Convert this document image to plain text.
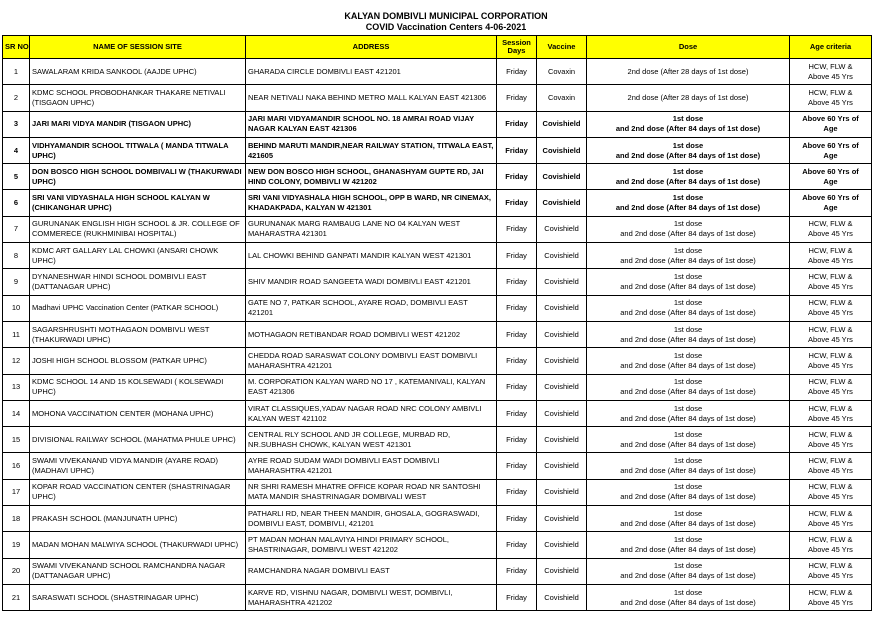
KALYAN DOMBIVLI MUNICIPAL CORPORATION
COVID Vaccination Centers 4-06-2021
SR NO	NAME OF SESSION SITE	ADDRESS	Session Days	Vaccine	Dose	Age criteria
1	SAWALARAM KRIDA SANKOOL (AAJDE UPHC)	GHARADA CIRCLE DOMBIVLI EAST 421201	Friday	Covaxin	2nd dose (After 28 days of 1st dose)	HCW, FLW &
Above 45 Yrs

2	KDMC SCHOOL PROBODHANKAR THAKARE NETIVALI (TISGAON UPHC)	NEAR NETIVALI NAKA BEHIND METRO MALL KALYAN EAST 421306	Friday	Covaxin	2nd dose (After 28 days of 1st dose)	HCW, FLW &
Above 45 Yrs

3	JARI MARI VIDYA MANDIR (TISGAON UPHC)	JARI MARI VIDYAMANDIR SCHOOL NO. 18 AMRAI ROAD VIJAY NAGAR KALYAN EAST 421306	Friday	Covishield	1st dose
and 2nd dose (After 84 days of 1st dose)	Above 60 Yrs of
Age

4	VIDHYAMANDIR SCHOOL TITWALA ( MANDA TITWALA UPHC)	BEHIND MARUTI MANDIR,NEAR RAILWAY STATION, TITWALA EAST, 421605	Friday	Covishield	1st dose
and 2nd dose (After 84 days of 1st dose)	Above 60 Yrs of
Age

5	DON BOSCO HIGH SCHOOL DOMBIVALI W (THAKURWADI UPHC)	NEW DON BOSCO HIGH SCHOOL, GHANASHYAM GUPTE RD, JAI HIND COLONY, DOMBIVLI W 421202	Friday	Covishield	1st dose
and 2nd dose (After 84 days of 1st dose)	Above 60 Yrs of
Age

6	SRI VANI VIDYASHALA HIGH SCHOOL KALYAN W (CHIKANGHAR UPHC)	SRI VANI VIDYASHALA HIGH SCHOOL, OPP B WARD, NR CINEMAX, KHADAKPADA, KALYAN W 421301	Friday	Covishield	1st dose
and 2nd dose (After 84 days of 1st dose)	Above 60 Yrs of
Age

7	GURUNANAK ENGLISH HIGH SCHOOL & JR. COLLEGE OF COMMERECE (RUKHMINIBAI HOSPITAL)	GURUNANAK MARG RAMBAUG LANE NO 04 KALYAN WEST MAHARASTRA 421301	Friday	Covishield	1st dose
and 2nd dose (After 84 days of 1st dose)	HCW, FLW &
Above 45 Yrs

8	KDMC ART GALLARY LAL CHOWKI (ANSARI CHOWK UPHC)	LAL CHOWKI BEHIND GANPATI MANDIR KALYAN WEST 421301	Friday	Covishield	1st dose
and 2nd dose (After 84 days of 1st dose)	HCW, FLW &
Above 45 Yrs

9	DYNANESHWAR HINDI SCHOOL DOMBIVLI EAST (DATTANAGAR UPHC)	SHIV MANDIR ROAD SANGEETA WADI DOMBIVLI EAST 421201	Friday	Covishield	1st dose
and 2nd dose (After 84 days of 1st dose)	HCW, FLW &
Above 45 Yrs

10	Madhavi UPHC Vaccination Center (PATKAR SCHOOL)	GATE NO 7, PATKAR SCHOOL, AYARE ROAD, DOMBIVLI EAST 421201	Friday	Covishield	1st dose
and 2nd dose (After 84 days of 1st dose)	HCW, FLW &
Above 45 Yrs

11	SAGARSHRUSHTI MOTHAGAON DOMBIVLI WEST (THAKURWADI UPHC)	MOTHAGAON RETIBANDAR ROAD DOMBIVLI WEST 421202	Friday	Covishield	1st dose
and 2nd dose (After 84 days of 1st dose)	HCW, FLW &
Above 45 Yrs

12	JOSHI HIGH SCHOOL BLOSSOM (PATKAR UPHC)	CHEDDA ROAD SARASWAT COLONY DOMBIVLI EAST DOMBIVLI MAHARASHTRA 421201	Friday	Covishield	1st dose
and 2nd dose (After 84 days of 1st dose)	HCW, FLW &
Above 45 Yrs

13	KDMC SCHOOL 14 AND 15 KOLSEWADI ( KOLSEWADI UPHC)	M. CORPORATION KALYAN WARD NO 17 , KATEMANIVALI, KALYAN EAST 421306	Friday	Covishield	1st dose
and 2nd dose (After 84 days of 1st dose)	HCW, FLW &
Above 45 Yrs

14	MOHONA VACCINATION CENTER (MOHANA UPHC)	VIRAT CLASSIQUES,YADAV NAGAR ROAD NRC COLONY AMBIVLI KALYAN WEST 421102	Friday	Covishield	1st dose
and 2nd dose (After 84 days of 1st dose)	HCW, FLW &
Above 45 Yrs

15	DIVISIONAL RAILWAY SCHOOL (MAHATMA PHULE UPHC)	CENTRAL RLY SCHOOL AND JR COLLEGE, MURBAD RD, NR.SUBHASH CHOWK, KALYAN WEST 421301	Friday	Covishield	1st dose
and 2nd dose (After 84 days of 1st dose)	HCW, FLW &
Above 45 Yrs

16	SWAMI VIVEKANAND VIDYA MANDIR (AYARE ROAD) (MADHAVI UPHC)	AYRE ROAD SUDAM WADI DOMBIVLI EAST DOMBIVLI MAHARASHTRA 421201	Friday	Covishield	1st dose
and 2nd dose (After 84 days of 1st dose)	HCW, FLW &
Above 45 Yrs

17	KOPAR ROAD VACCINATION CENTER (SHASTRINAGAR UPHC)	NR SHRI RAMESH MHATRE OFFICE KOPAR ROAD NR SANTOSHI MATA MANDIR SHASTRINAGAR DOMBIVALI WEST	Friday	Covishield	1st dose
and 2nd dose (After 84 days of 1st dose)	HCW, FLW &
Above 45 Yrs

18	PRAKASH SCHOOL (MANJUNATH UPHC)	PATHARLI RD, NEAR THEEN MANDIR, GHOSALA, GOGRASWADI, DOMBIVLI EAST, DOMBIVLI, 421201	Friday	Covishield	1st dose
and 2nd dose (After 84 days of 1st dose)	HCW, FLW &
Above 45 Yrs

19	MADAN MOHAN MALWIYA SCHOOL (THAKURWADI UPHC)	PT MADAN MOHAN MALAVIYA HINDI PRIMARY SCHOOL, SHASTRINAGAR, DOMBIVLI WEST 421202	Friday	Covishield	1st dose
and 2nd dose (After 84 days of 1st dose)	HCW, FLW &
Above 45 Yrs

20	SWAMI VIVEKANAND SCHOOL RAMCHANDRA NAGAR (DATTANAGAR UPHC)	RAMCHANDRA NAGAR DOMBIVLI EAST	Friday	Covishield	1st dose
and 2nd dose (After 84 days of 1st dose)	HCW, FLW &
Above 45 Yrs

21	SARASWATI SCHOOL (SHASTRINAGAR UPHC)	KARVE RD, VISHNU NAGAR, DOMBIVLI WEST, DOMBIVLI, MAHARASHTRA 421202	Friday	Covishield	1st dose
and 2nd dose (After 84 days of 1st dose)	HCW, FLW &
Above 45 Yrs
